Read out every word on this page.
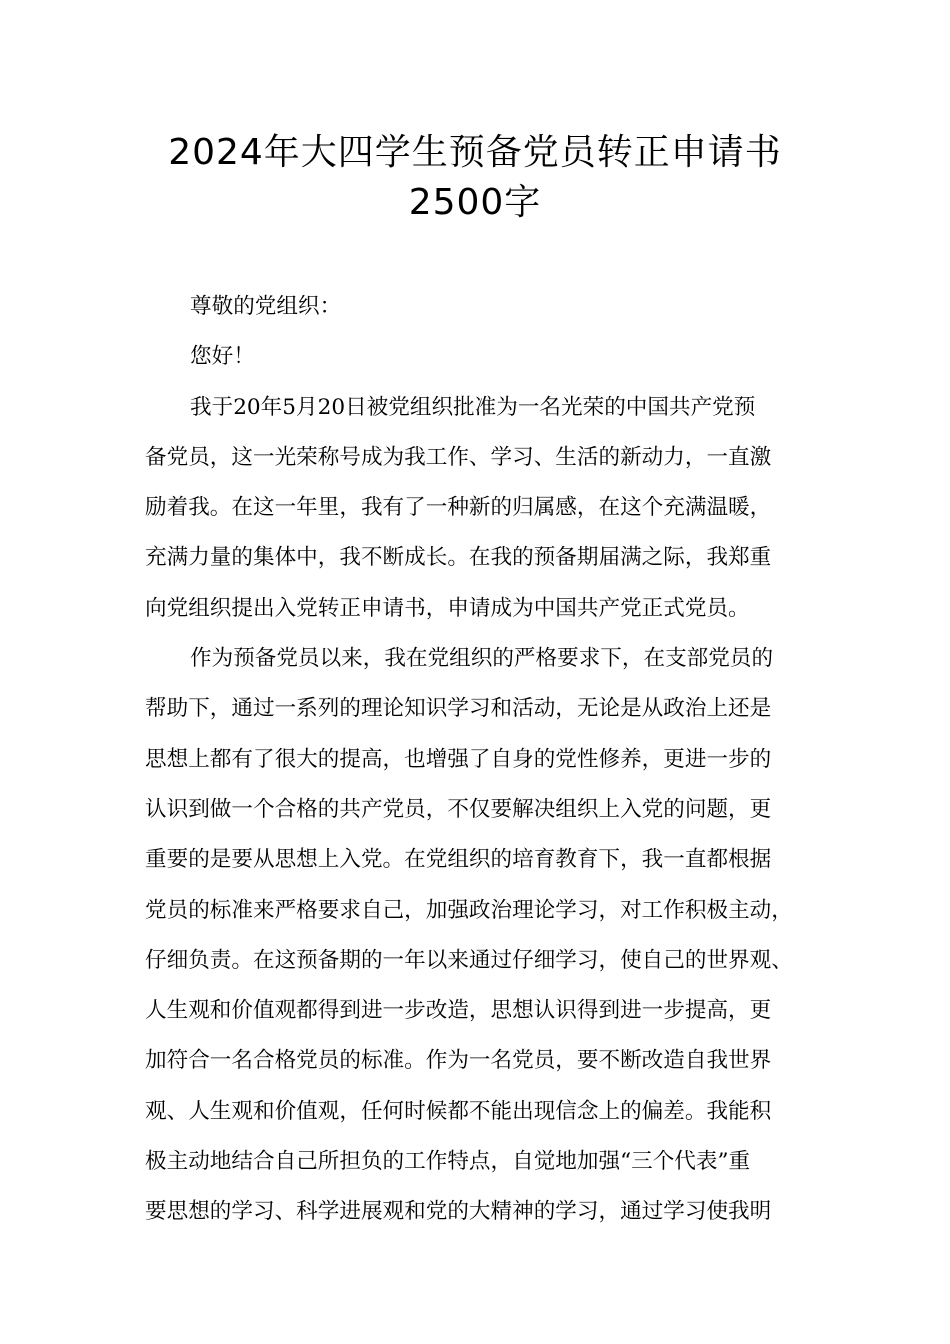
2024年大四学生预备党员转正申请书
2500字
尊敬的党组织：
您好！
我于20年5月20日被党组织批准为一名光荣的中国共产党预
备党员，这一光荣称号成为我工作、学习、生活的新动力，一直激
励着我。在这一年里，我有了一种新的归属感，在这个充满温暖，
充满力量的集体中，我不断成长。在我的预备期届满之际，我郑重
向党组织提出入党转正申请书，申请成为中国共产党正式党员。
作为预备党员以来，我在党组织的严格要求下，在支部党员的
帮助下，通过一系列的理论知识学习和活动，无论是从政治上还是
思想上都有了很大的提高，也增强了自身的党性修养，更进一步的
认识到做一个合格的共产党员，不仅要解决组织上入党的问题，更
重要的是要从思想上入党。在党组织的培育教育下，我一直都根据
党员的标准来严格要求自己，加强政治理论学习，对工作积极主动，
仔细负责。在这预备期的一年以来通过仔细学习，使自己的世界观、
人生观和价值观都得到进一步改造，思想认识得到进一步提高，更
加符合一名合格党员的标准。作为一名党员，要不断改造自我世界
观、人生观和价值观，任何时候都不能出现信念上的偏差。我能积
极主动地结合自己所担负的工作特点，自觉地加强“三个代表”重
要思想的学习、科学进展观和党的大精神的学习，通过学习使我明
